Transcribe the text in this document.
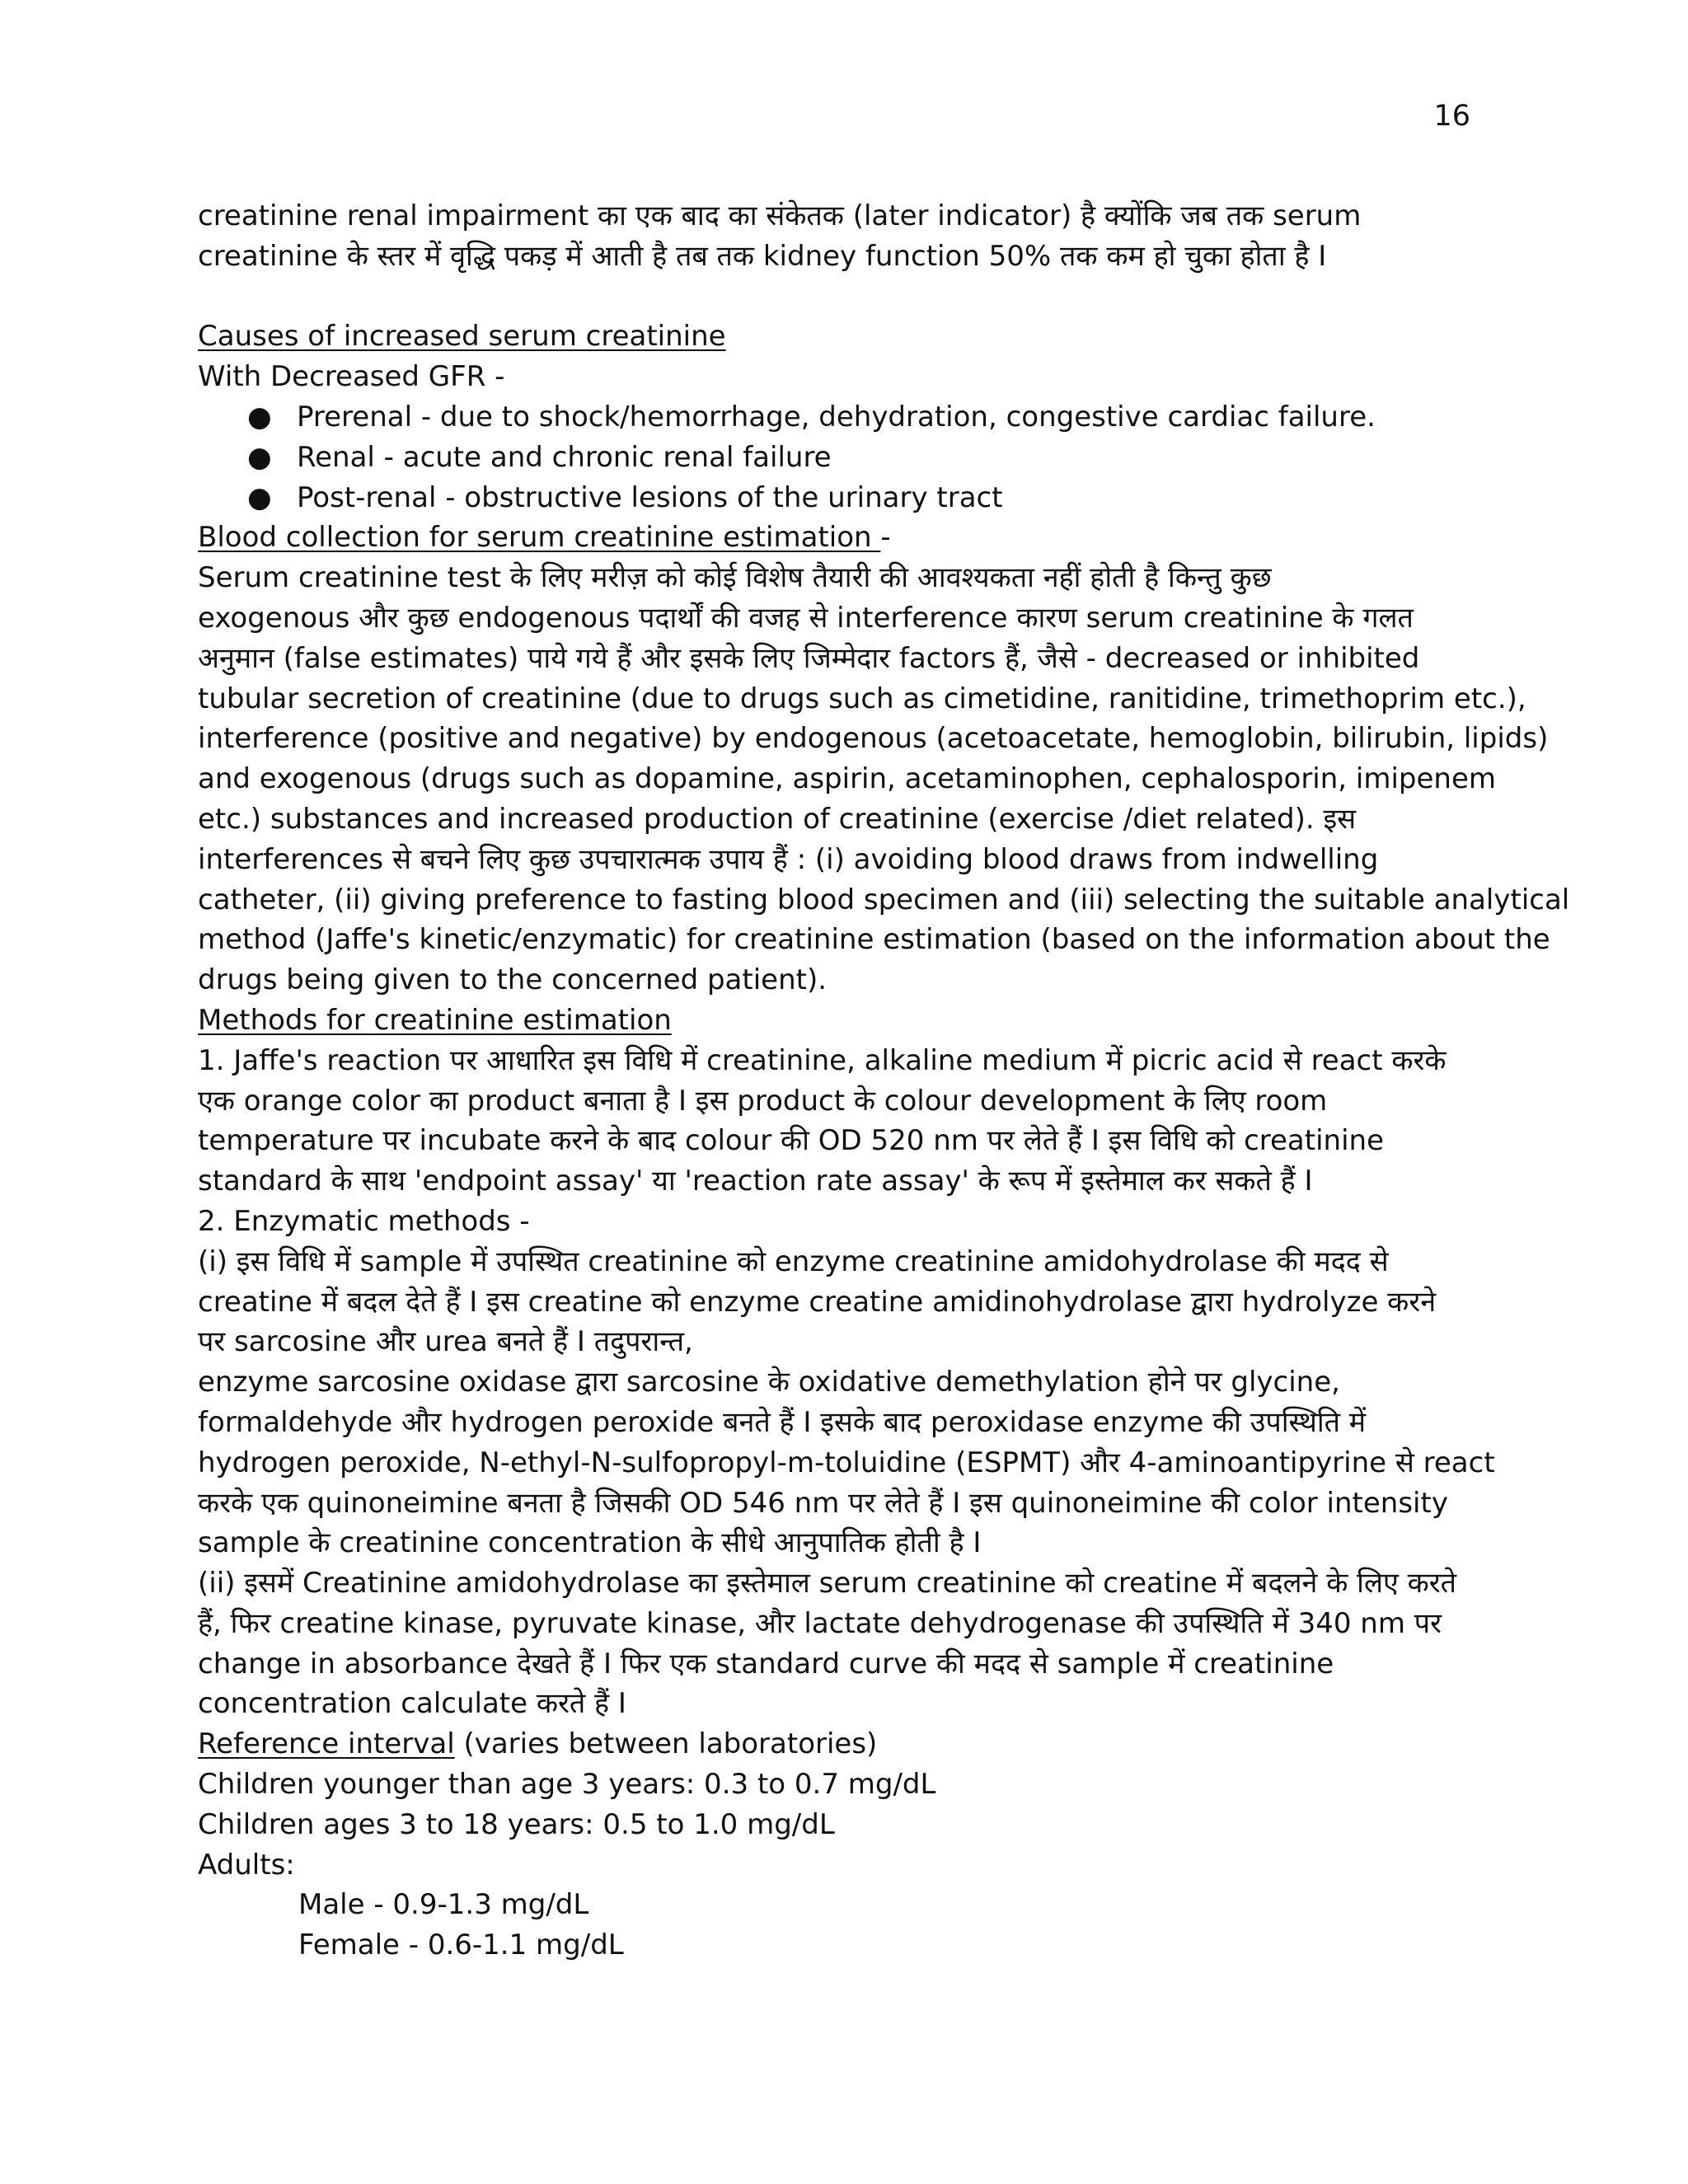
16
creatinine renal impairment का एक बाद का संकेतक (later indicator) है क्योंकि जब तक serum
creatinine के स्तर में वृद्धि पकड़ में आती है तब तक kidney function 50% तक कम हो चुका होता है I
Causes of increased serum creatinine
With Decreased GFR -
● Prerenal - due to shock/hemorrhage, dehydration, congestive cardiac failure.
● Renal - acute and chronic renal failure
● Post-renal - obstructive lesions of the urinary tract
Blood collection for serum creatinine estimation -
Serum creatinine test के लिए मरीज़ को कोई विशेष तैयारी की आवश्यकता नहीं होती है किन्तु कुछ
exogenous और कुछ endogenous पदार्थों की वजह से interference कारण serum creatinine के गलत
अनुमान (false estimates) पाये गये हैं और इसके लिए जिम्मेदार factors हैं, जैसे - decreased or inhibited
tubular secretion of creatinine (due to drugs such as cimetidine, ranitidine, trimethoprim etc.),
interference (positive and negative) by endogenous (acetoacetate, hemoglobin, bilirubin, lipids)
and exogenous (drugs such as dopamine, aspirin, acetaminophen, cephalosporin, imipenem
etc.) substances and increased production of creatinine (exercise /diet related). इस
interferences से बचने लिए कुछ उपचारात्मक उपाय हैं : (i) avoiding blood draws from indwelling
catheter, (ii) giving preference to fasting blood specimen and (iii) selecting the suitable analytical
method (Jaffe's kinetic/enzymatic) for creatinine estimation (based on the information about the
drugs being given to the concerned patient).
Methods for creatinine estimation
1. Jaffe's reaction पर आधारित इस विधि में creatinine, alkaline medium में picric acid से react करके
एक orange color का product बनाता है I इस product के colour development के लिए room
temperature पर incubate करने के बाद colour की OD 520 nm पर लेते हैं I इस विधि को creatinine
standard के साथ 'endpoint assay' या 'reaction rate assay' के रूप में इस्तेमाल कर सकते हैं I
2. Enzymatic methods -
(i) इस विधि में sample में उपस्थित creatinine को enzyme creatinine amidohydrolase की मदद से
creatine में बदल देते हैं I इस creatine को enzyme creatine amidinohydrolase द्वारा hydrolyze करने
पर sarcosine और urea बनते हैं I तदुपरान्त,
enzyme sarcosine oxidase द्वारा sarcosine के oxidative demethylation होने पर glycine,
formaldehyde और hydrogen peroxide बनते हैं I इसके बाद peroxidase enzyme की उपस्थिति में
hydrogen peroxide, N-ethyl-N-sulfopropyl-m-toluidine (ESPMT) और 4-aminoantipyrine से react
करके एक quinoneimine बनता है जिसकी OD 546 nm पर लेते हैं I इस quinoneimine की color intensity
sample के creatinine concentration के सीधे आनुपातिक होती है I
(ii) इसमें Creatinine amidohydrolase का इस्तेमाल serum creatinine को creatine में बदलने के लिए करते
हैं, फिर creatine kinase, pyruvate kinase, और lactate dehydrogenase की उपस्थिति में 340 nm पर
change in absorbance देखते हैं I फिर एक standard curve की मदद से sample में creatinine
concentration calculate करते हैं I
Reference interval (varies between laboratories)
Children younger than age 3 years: 0.3 to 0.7 mg/dL
Children ages 3 to 18 years: 0.5 to 1.0 mg/dL
Adults:
Male - 0.9-1.3 mg/dL
Female - 0.6-1.1 mg/dL
